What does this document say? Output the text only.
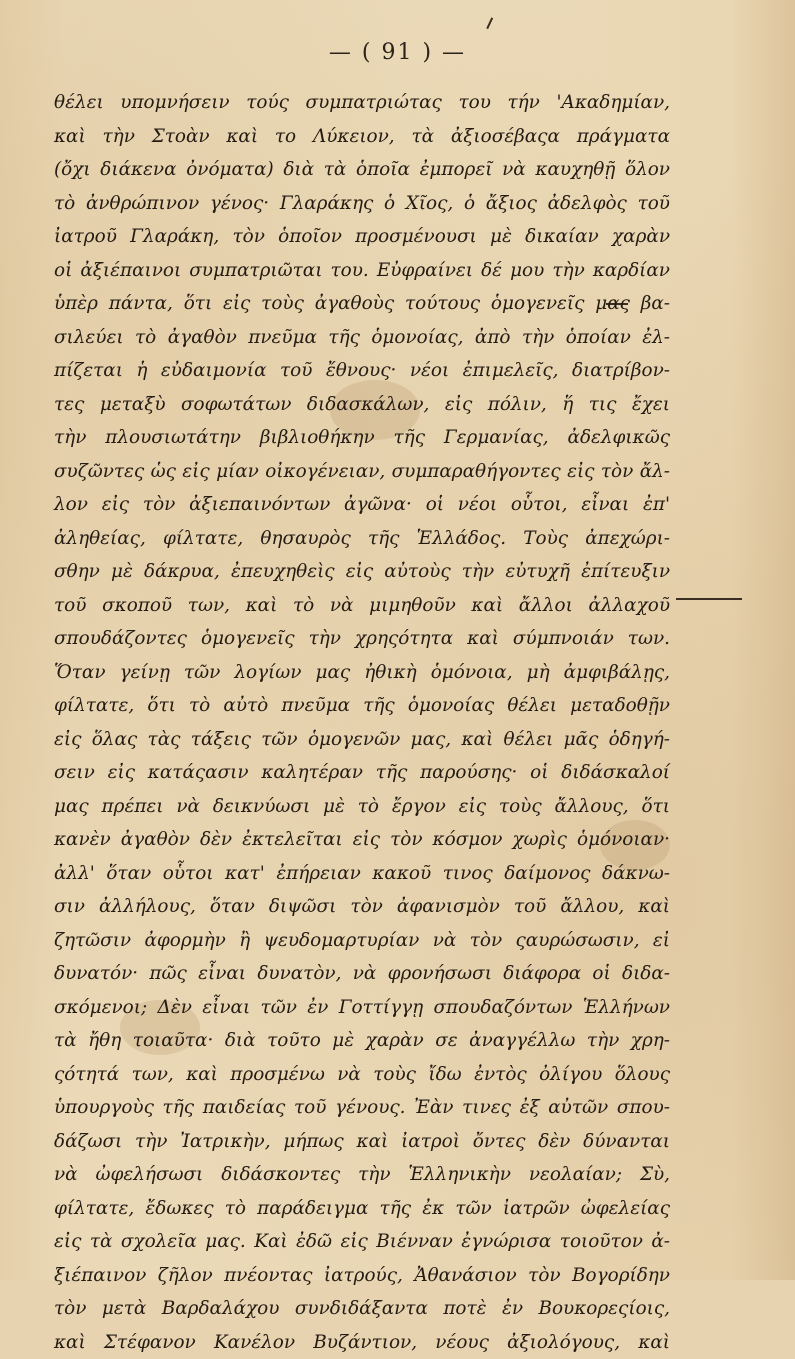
— ( 91 ) —
θέλει υπομνήσειν τούς συμπατριώτας του τήν 'Ακαδημίαν,
καὶ τὴν Στοὰν καὶ το Λύκειον, τὰ ἀξιοσέβαςα πράγματα
(ὄχι διάκενα ὀνόματα) διὰ τὰ ὁποῖα ἐμπορεῖ νὰ καυχηθῇ ὅλον
τὸ ἀνθρώπινον γένος· Γλαράκης ὁ Χῖος, ὁ ἄξιος ἀδελφὸς τοῦ
ἰατροῦ Γλαράκη, τὸν ὁποῖον προσμένουσι μὲ δικαίαν χαρὰν
οἱ ἀξιέπαινοι συμπατριῶται του. Εὐφραίνει δέ μου τὴν καρδίαν
ὑπὲρ πάντα, ὅτι εἰς τοὺς ἀγαθοὺς τούτους ὁμογενεῖς μας βα-
σιλεύει τὸ ἀγαθὸν πνεῦμα τῆς ὁμονοίας, ἀπὸ τὴν ὁποίαν ἐλ-
πίζεται ἡ εὐδαιμονία τοῦ ἔθνους· νέοι ἐπιμελεῖς, διατρίβον-
τες μεταξὺ σοφωτάτων διδασκάλων, εἰς πόλιν, ἥ τις ἔχει
τὴν πλουσιωτάτην βιβλιοθήκην τῆς Γερμανίας, ἀδελφικῶς
συζῶντες ὡς εἰς μίαν οἰκογένειαν, συμπαραθήγοντες εἰς τὸν ἄλ-
λον εἰς τὸν ἀξιεπαινόντων ἀγῶνα· οἱ νέοι οὗτοι, εἶναι ἐπ'
ἀληθείας, φίλτατε, θησαυρὸς τῆς Ἑλλάδος. Τοὺς ἀπεχώρι-
σθην μὲ δάκρυα, ἐπευχηθεὶς εἰς αὐτοὺς τὴν εὐτυχῆ ἐπίτευξιν
τοῦ σκοποῦ των, καὶ τὸ νὰ μιμηθοῦν καὶ ἄλλοι ἀλλαχοῦ
σπουδάζοντες ὁμογενεῖς τὴν χρηςότητα καὶ σύμπνοιάν των.
Ὅταν γείνῃ τῶν λογίων μας ἠθικὴ ὁμόνοια, μὴ ἀμφιβάλῃς,
φίλτατε, ὅτι τὸ αὐτὸ πνεῦμα τῆς ὁμονοίας θέλει μεταδοθῇν
εἰς ὅλας τὰς τάξεις τῶν ὁμογενῶν μας, καὶ θέλει μᾶς ὁδηγή-
σειν εἰς κατάςασιν καλητέραν τῆς παρούσης· οἱ διδάσκαλοί
μας πρέπει νὰ δεικνύωσι μὲ τὸ ἔργον εἰς τοὺς ἄλλους, ὅτι
κανὲν ἀγαθὸν δὲν ἐκτελεῖται εἰς τὸν κόσμον χωρὶς ὁμόνοιαν·
ἀλλ' ὅταν οὗτοι κατ' ἐπήρειαν κακοῦ τινος δαίμονος δάκνω-
σιν ἀλλήλους, ὅταν διψῶσι τὸν ἀφανισμὸν τοῦ ἄλλου, καὶ
ζητῶσιν ἀφορμὴν ἢ ψευδομαρτυρίαν νὰ τὸν ςαυρώσωσιν, εἰ
δυνατόν· πῶς εἶναι δυνατὸν, νὰ φρονήσωσι διάφορα οἱ διδα-
σκόμενοι; Δὲν εἶναι τῶν ἐν Γοττίγγῃ σπουδαζόντων Ἑλλήνων
τὰ ἤθη τοιαῦτα· διὰ τοῦτο μὲ χαρὰν σε ἀναγγέλλω τὴν χρη-
ςότητά των, καὶ προσμένω νὰ τοὺς ἴδω ἐντὸς ὀλίγου ὅλους
ὑπουργοὺς τῆς παιδείας τοῦ γένους. Ἐὰν τινες ἐξ αὐτῶν σπου-
δάζωσι τὴν Ἰατρικὴν, μήπως καὶ ἰατροὶ ὄντες δὲν δύνανται
νὰ ὠφελήσωσι διδάσκοντες τὴν Ἑλληνικὴν νεολαίαν; Σὺ,
φίλτατε, ἔδωκες τὸ παράδειγμα τῆς ἐκ τῶν ἰατρῶν ὠφελείας
εἰς τὰ σχολεῖα μας. Καὶ ἐδῶ εἰς Βιένναν ἐγνώρισα τοιοῦτον ἀ-
ξιέπαινον ζῆλον πνέοντας ἰατρούς, Ἀθανάσιον τὸν Βογορίδην
τὸν μετὰ Βαρδαλάχου συνδιδάξαντα ποτὲ ἐν Βουκορεςίοις,
καὶ Στέφανον Κανέλον Βυζάντιον, νέους ἀξιολόγους, καὶ
